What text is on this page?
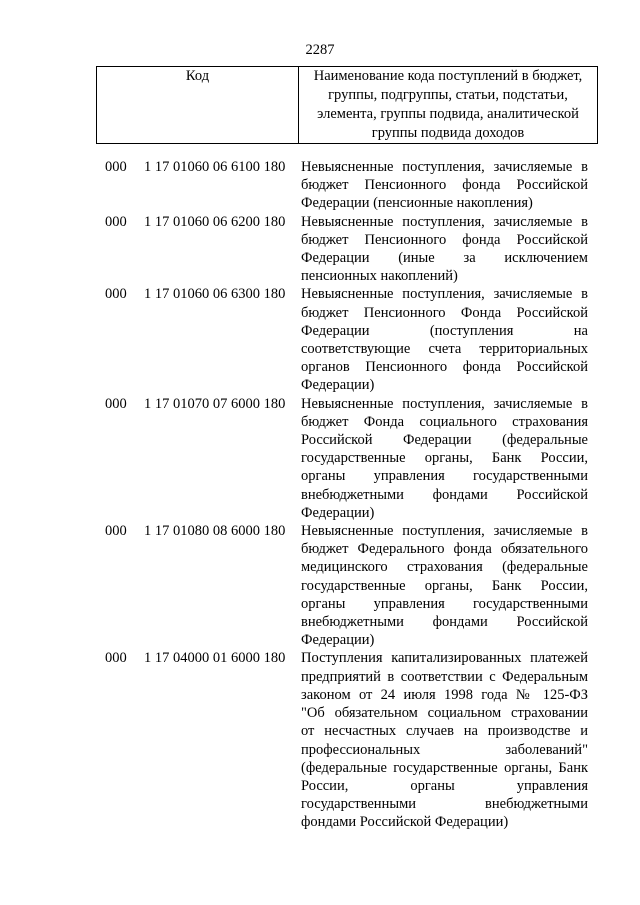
2287
Код	Наименование кода поступлений в бюджет,
группы, подгруппы, статьи, подстатьи,
элемента, группы подвида, аналитической
группы подвида доходов
000 1 17 01060 06 6100 180 Невыясненные поступления, зачисляемые в
бюджет Пенсионного фонда Российской
Федерации (пенсионные накопления)
000 1 17 01060 06 6200 180 Невыясненные поступления, зачисляемые в
бюджет Пенсионного фонда Российской
Федерации (иные за исключением
пенсионных накоплений)
000 1 17 01060 06 6300 180 Невыясненные поступления, зачисляемые в
бюджет Пенсионного Фонда Российской
Федерации (поступления на
соответствующие счета территориальных
органов Пенсионного фонда Российской
Федерации)
000 1 17 01070 07 6000 180 Невыясненные поступления, зачисляемые в
бюджет Фонда социального страхования
Российской Федерации (федеральные
государственные органы, Банк России,
органы управления государственными
внебюджетными фондами Российской
Федерации)
000 1 17 01080 08 6000 180 Невыясненные поступления, зачисляемые в
бюджет Федерального фонда обязательного
медицинского страхования (федеральные
государственные органы, Банк России,
органы управления государственными
внебюджетными фондами Российской
Федерации)
000 1 17 04000 01 6000 180 Поступления капитализированных платежей
предприятий в соответствии с Федеральным
законом от 24 июля 1998 года № 125-ФЗ
"Об обязательном социальном страховании
от несчастных случаев на производстве и
профессиональных заболеваний"
(федеральные государственные органы, Банк
России, органы управления
государственными внебюджетными
фондами Российской Федерации)
